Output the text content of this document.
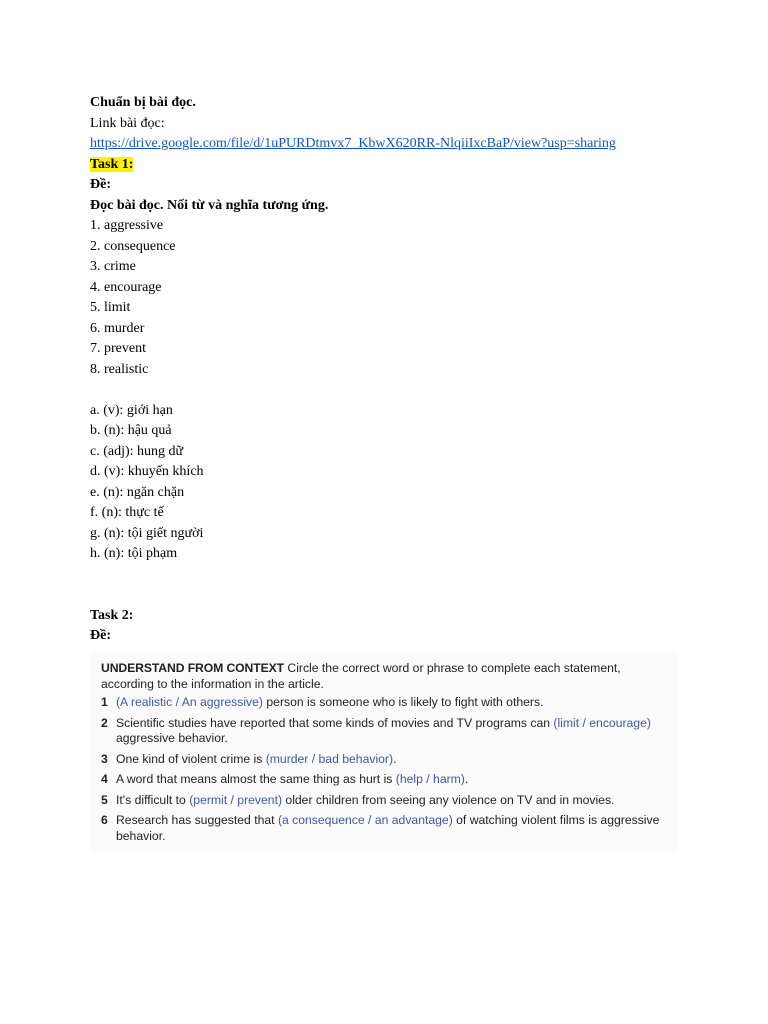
Chuẩn bị bài đọc.
Link bài đọc:
https://drive.google.com/file/d/1uPURDtmvx7_KbwX620RR-NlqiiIxcBaP/view?usp=sharing
Task 1:
Đề:
Đọc bài đọc. Nối từ và nghĩa tương ứng.
1. aggressive
2. consequence
3. crime
4. encourage
5. limit
6. murder
7. prevent
8. realistic
a. (v): giới hạn
b. (n): hậu quả
c. (adj): hung dữ
d. (v): khuyến khích
e. (n): ngăn chặn
f. (n): thực tế
g. (n): tội giết người
h. (n): tội phạm
Task 2:
Đề:
UNDERSTAND FROM CONTEXT Circle the correct word or phrase to complete each statement, according to the information in the article.
1 (A realistic / An aggressive) person is someone who is likely to fight with others.
2 Scientific studies have reported that some kinds of movies and TV programs can (limit / encourage) aggressive behavior.
3 One kind of violent crime is (murder / bad behavior).
4 A word that means almost the same thing as hurt is (help / harm).
5 It's difficult to (permit / prevent) older children from seeing any violence on TV and in movies.
6 Research has suggested that (a consequence / an advantage) of watching violent films is aggressive behavior.
